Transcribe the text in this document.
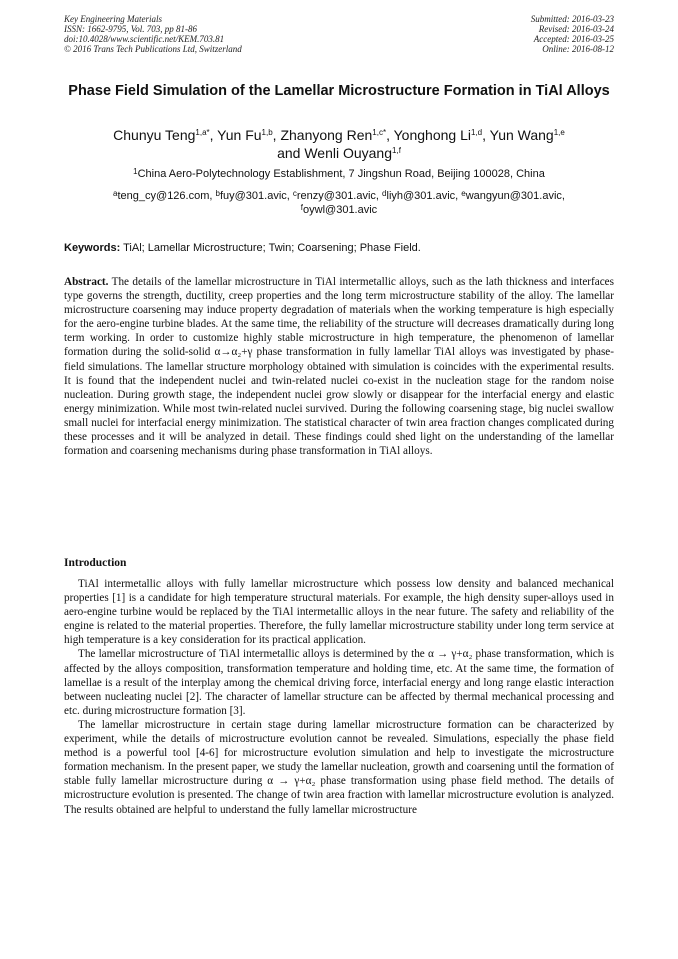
Key Engineering Materials
ISSN: 1662-9795, Vol. 703, pp 81-86
doi:10.4028/www.scientific.net/KEM.703.81
© 2016 Trans Tech Publications Ltd, Switzerland
Submitted: 2016-03-23
Revised: 2016-03-24
Accepted: 2016-03-25
Online: 2016-08-12
Phase Field Simulation of the Lamellar Microstructure Formation in TiAl Alloys
Chunyu Teng$^{1,a*}$, Yun Fu$^{1,b}$, Zhanyong Ren$^{1,c*}$, Yonghong Li$^{1,d}$, Yun Wang$^{1,e}$
and Wenli Ouyang$^{1,f}$
$^1$China Aero-Polytechnology Establishment, 7 Jingshun Road, Beijing 100028, China
$^a$teng_cy@126.com, $^b$fuy@301.avic, $^c$renzy@301.avic, $^d$liyh@301.avic, $^e$wangyun@301.avic,
$^f$oywl@301.avic
Keywords: TiAl; Lamellar Microstructure; Twin; Coarsening; Phase Field.
Abstract. The details of the lamellar microstructure in TiAl intermetallic alloys, such as the lath thickness and interfaces type governs the strength, ductility, creep properties and the long term microstructure stability of the alloy. The lamellar microstructure coarsening may induce property degradation of materials when the working temperature is high especially for the aero-engine turbine blades. At the same time, the reliability of the structure will decreases dramatically during long term working. In order to customize highly stable microstructure in high temperature, the phenomenon of lamellar formation during the solid-solid α→α₂+γ phase transformation in fully lamellar TiAl alloys was investigated by phase-field simulations. The lamellar structure morphology obtained with simulation is coincides with the experimental results. It is found that the independent nuclei and twin-related nuclei co-exist in the nucleation stage for the random noise nucleation. During growth stage, the independent nuclei grow slowly or disappear for the interfacial energy and elastic energy minimization. While most twin-related nuclei survived. During the following coarsening stage, big nuclei swallow small nuclei for interfacial energy minimization. The statistical character of twin area fraction changes complicated during these processes and it will be analyzed in detail. These findings could shed light on the understanding of the lamellar formation and coarsening mechanisms during phase transformation in TiAl alloys.
Introduction

TiAl intermetallic alloys with fully lamellar microstructure which possess low density and balanced mechanical properties [1] is a candidate for high temperature structural materials. For example, the high density super-alloys used in aero-engine turbine would be replaced by the TiAl intermetallic alloys in the near future. The safety and reliability of the engine is related to the material properties. Therefore, the fully lamellar microstructure stability under long term service at high temperature is a key consideration for its practical application.

The lamellar microstructure of TiAl intermetallic alloys is determined by the α → γ+α₂ phase transformation, which is affected by the alloys composition, transformation temperature and holding time, etc. At the same time, the formation of lamellae is a result of the interplay among the chemical driving force, interfacial energy and long range elastic interaction between nucleating nuclei [2]. The character of lamellar structure can be affected by thermal mechanical processing and etc. during microstructure formation [3].

The lamellar microstructure in certain stage during lamellar microstructure formation can be characterized by experiment, while the details of microstructure evolution cannot be revealed. Simulations, especially the phase field method is a powerful tool [4-6] for microstructure evolution simulation and help to investigate the microstructure formation mechanism. In the present paper, we study the lamellar nucleation, growth and coarsening until the formation of stable fully lamellar microstructure during α → γ+α₂ phase transformation using phase field method. The details of microstructure evolution is presented. The change of twin area fraction with lamellar microstructure evolution is analyzed. The results obtained are helpful to understand the fully lamellar microstructure
